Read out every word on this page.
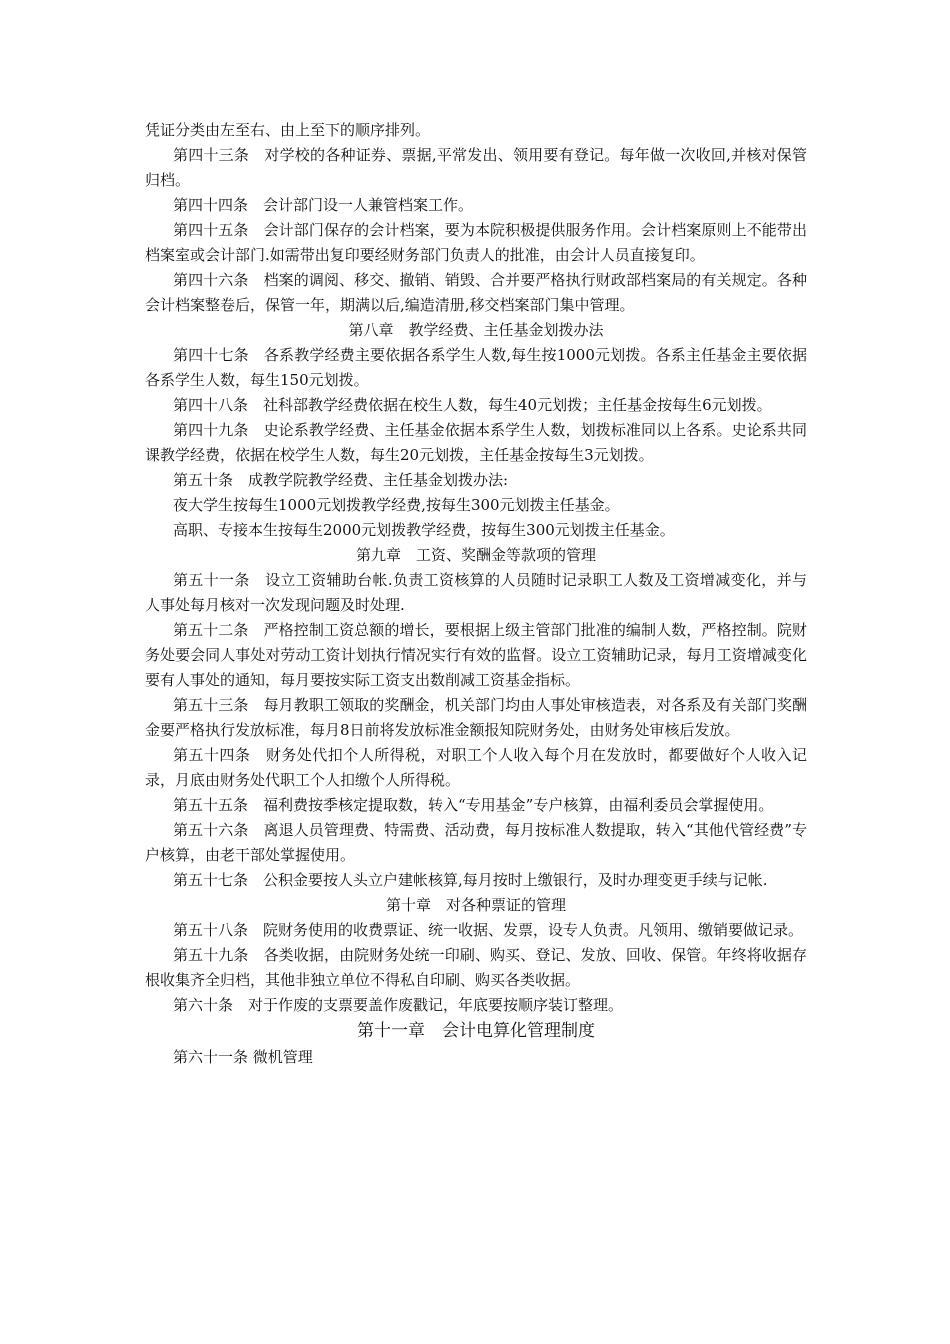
凭证分类由左至右、由上至下的顺序排列。

第四十三条　对学校的各种证券、票据,平常发出、领用要有登记。每年做一次收回,并核对保管归档。

第四十四条　会计部门设一人兼管档案工作。

第四十五条　会计部门保存的会计档案，要为本院积极提供服务作用。会计档案原则上不能带出档案室或会计部门.如需带出复印要经财务部门负责人的批准，由会计人员直接复印。

第四十六条　档案的调阅、移交、撤销、销毁、合并要严格执行财政部档案局的有关规定。各种会计档案整卷后，保管一年，期满以后,编造清册,移交档案部门集中管理。

第八章　教学经费、主任基金划拨办法

第四十七条　各系教学经费主要依据各系学生人数,每生按1000元划拨。各系主任基金主要依据各系学生人数，每生150元划拨。

第四十八条　社科部教学经费依据在校生人数，每生40元划拨；主任基金按每生6元划拨。

第四十九条　史论系教学经费、主任基金依据本系学生人数，划拨标准同以上各系。史论系共同课教学经费，依据在校学生人数，每生20元划拨，主任基金按每生3元划拨。

第五十条　成教学院教学经费、主任基金划拨办法:

夜大学生按每生1000元划拨教学经费,按每生300元划拨主任基金。

高职、专接本生按每生2000元划拨教学经费，按每生300元划拨主任基金。

第九章　工资、奖酬金等款项的管理

第五十一条　设立工资辅助台帐.负责工资核算的人员随时记录职工人数及工资增减变化，并与人事处每月核对一次发现问题及时处理.

第五十二条　严格控制工资总额的增长，要根据上级主管部门批准的编制人数，严格控制。院财务处要会同人事处对劳动工资计划执行情况实行有效的监督。设立工资辅助记录，每月工资增减变化要有人事处的通知，每月要按实际工资支出数削减工资基金指标。

第五十三条　每月教职工领取的奖酬金，机关部门均由人事处审核造表，对各系及有关部门奖酬金要严格执行发放标准，每月8日前将发放标准金额报知院财务处，由财务处审核后发放。

第五十四条　财务处代扣个人所得税，对职工个人收入每个月在发放时，都要做好个人收入记录，月底由财务处代职工个人扣缴个人所得税。

第五十五条　福利费按季核定提取数，转入“专用基金”专户核算，由福利委员会掌握使用。

第五十六条　离退人员管理费、特需费、活动费，每月按标准人数提取，转入“其他代管经费”专户核算，由老干部处掌握使用。

第五十七条　公积金要按人头立户建帐核算,每月按时上缴银行，及时办理变更手续与记帐.

第十章　对各种票证的管理

第五十八条　院财务使用的收费票证、统一收据、发票，设专人负责。凡领用、缴销要做记录。

第五十九条　各类收据，由院财务处统一印刷、购买、登记、发放、回收、保管。年终将收据存根收集齐全归档，其他非独立单位不得私自印刷、购买各类收据。

第六十条　对于作废的支票要盖作废戳记，年底要按顺序装订整理。

第十一章　会计电算化管理制度

第六十一条 微机管理
